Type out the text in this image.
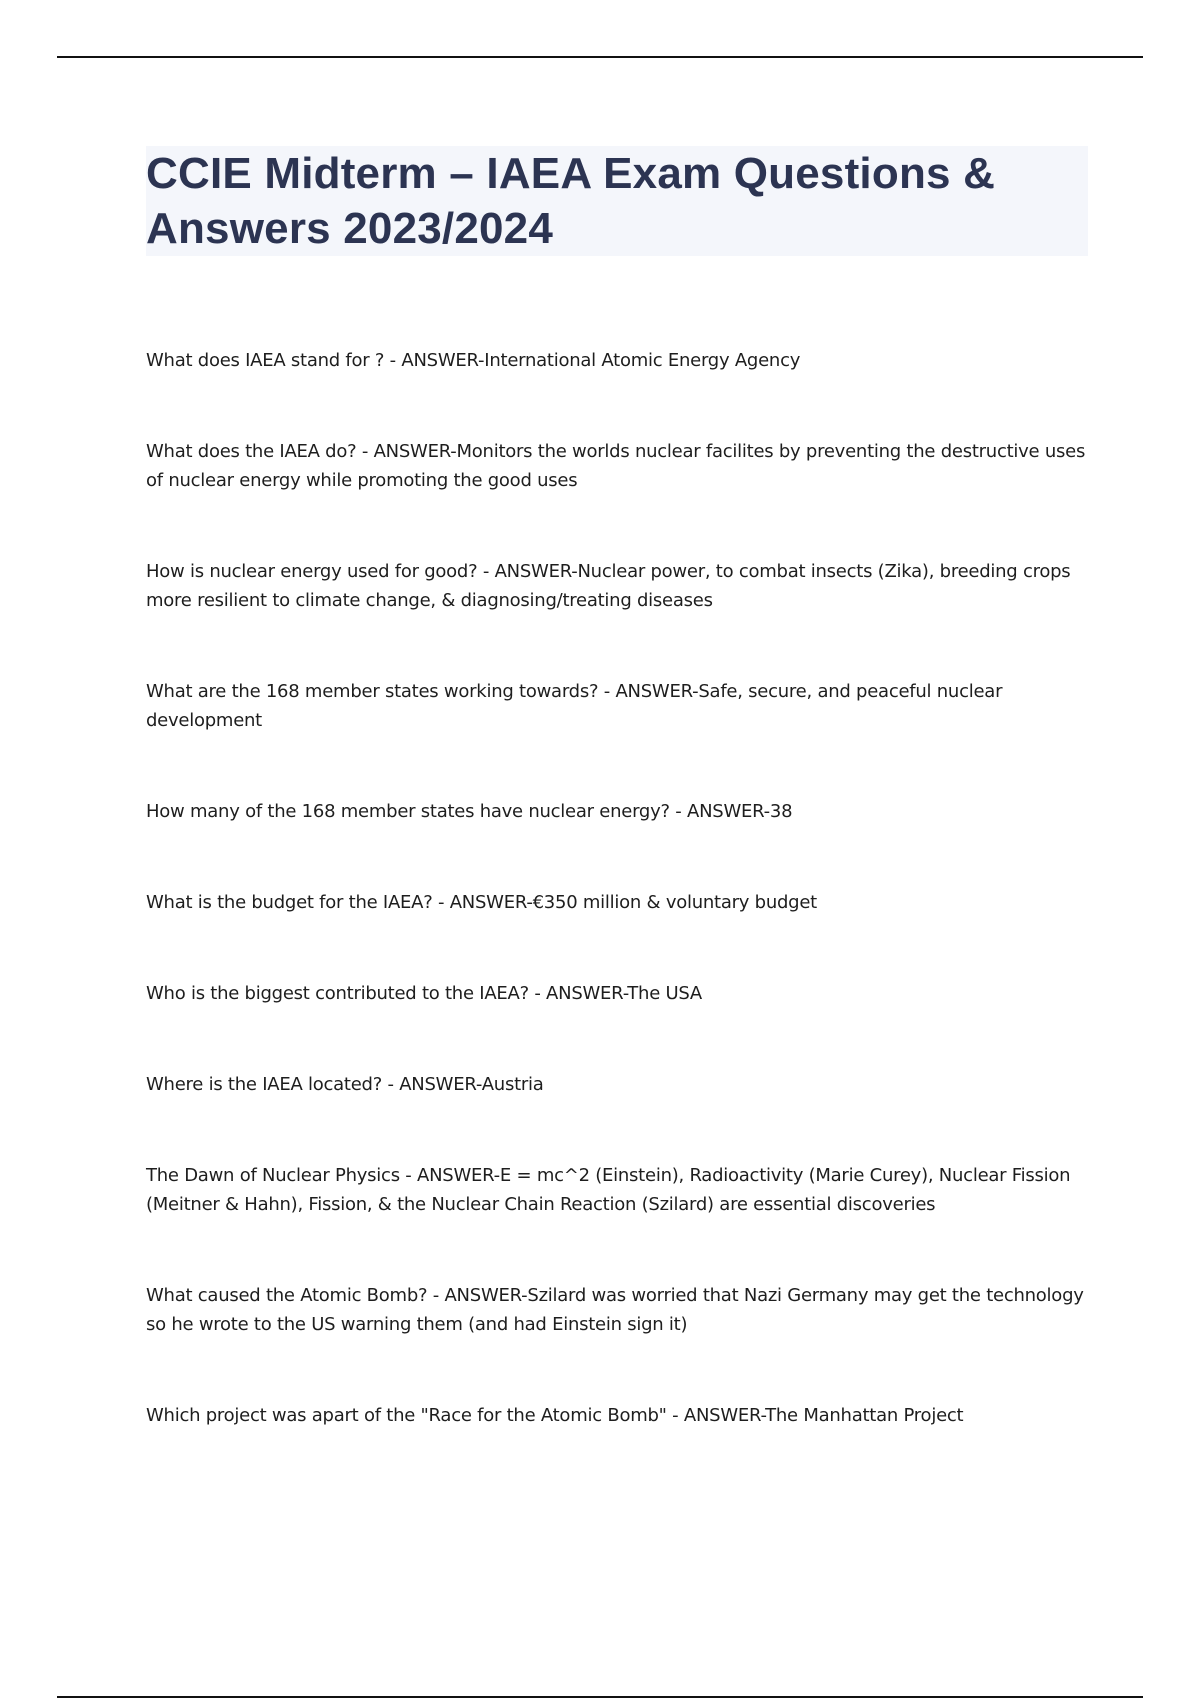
CCIE Midterm – IAEA Exam Questions & Answers 2023/2024

What does IAEA stand for ? - ANSWER-International Atomic Energy Agency

What does the IAEA do? - ANSWER-Monitors the worlds nuclear facilites by preventing the destructive uses of nuclear energy while promoting the good uses

How is nuclear energy used for good? - ANSWER-Nuclear power, to combat insects (Zika), breeding crops more resilient to climate change, & diagnosing/treating diseases

What are the 168 member states working towards? - ANSWER-Safe, secure, and peaceful nuclear development

How many of the 168 member states have nuclear energy? - ANSWER-38

What is the budget for the IAEA? - ANSWER-€350 million & voluntary budget

Who is the biggest contributed to the IAEA? - ANSWER-The USA

Where is the IAEA located? - ANSWER-Austria

The Dawn of Nuclear Physics - ANSWER-E = mc^2 (Einstein), Radioactivity (Marie Curey), Nuclear Fission (Meitner & Hahn), Fission, & the Nuclear Chain Reaction (Szilard) are essential discoveries

What caused the Atomic Bomb? - ANSWER-Szilard was worried that Nazi Germany may get the technology so he wrote to the US warning them (and had Einstein sign it)

Which project was apart of the "Race for the Atomic Bomb" - ANSWER-The Manhattan Project
